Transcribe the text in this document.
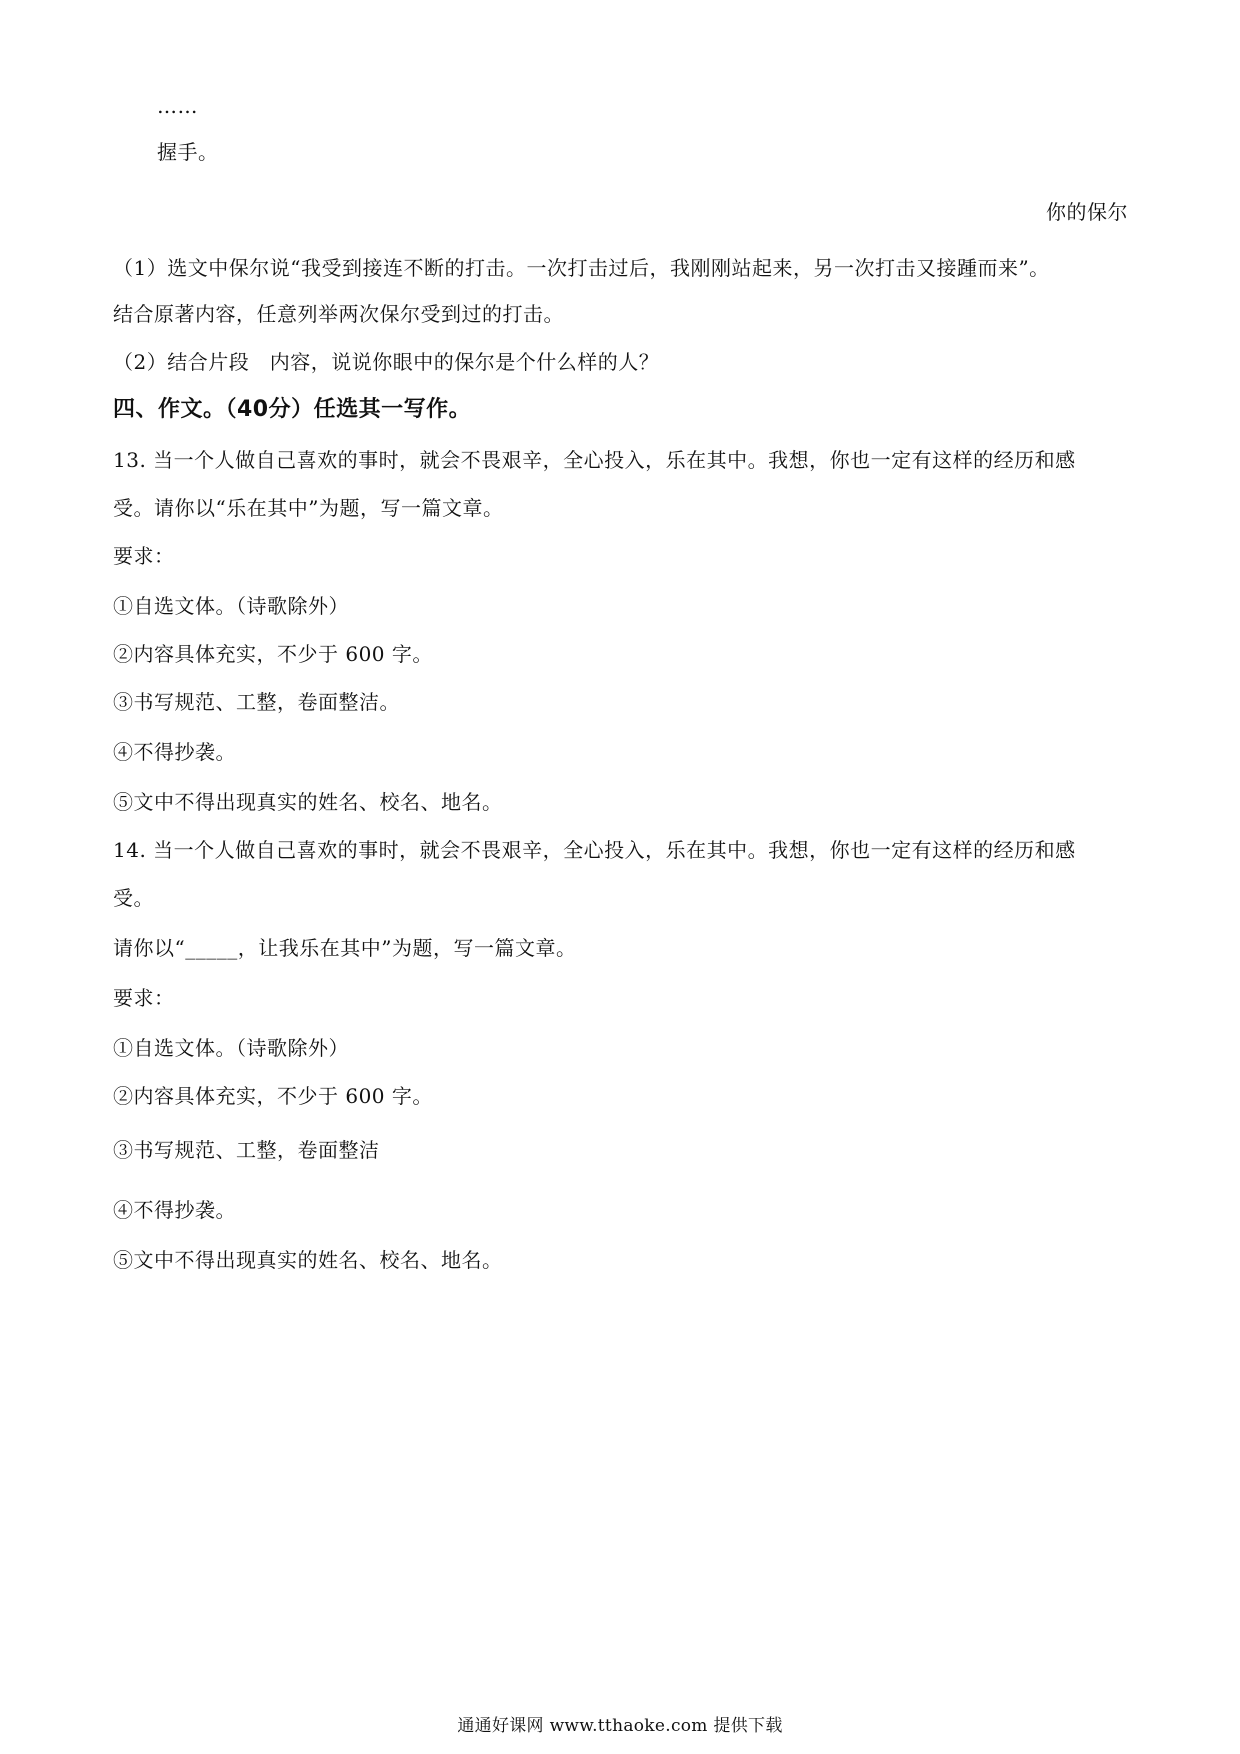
……
握手。
你的保尔
（1）选文中保尔说“我受到接连不断的打击。一次打击过后，我刚刚站起来，另一次打击又接踵而来”。
结合原著内容，任意列举两次保尔受到过的打击。
（2）结合片段　内容，说说你眼中的保尔是个什么样的人？
四、作文。（40分）任选其一写作。
13. 当一个人做自己喜欢的事时，就会不畏艰辛，全心投入，乐在其中。我想，你也一定有这样的经历和感
受。请你以“乐在其中”为题，写一篇文章。
要求：
①自选文体。（诗歌除外）
②内容具体充实，不少于 600 字。
③书写规范、工整，卷面整洁。
④不得抄袭。
⑤文中不得出现真实的姓名、校名、地名。
14. 当一个人做自己喜欢的事时，就会不畏艰辛，全心投入，乐在其中。我想，你也一定有这样的经历和感
受。
请你以“_____，让我乐在其中”为题，写一篇文章。
要求：
①自选文体。（诗歌除外）
②内容具体充实，不少于 600 字。
③书写规范、工整，卷面整洁
④不得抄袭。
⑤文中不得出现真实的姓名、校名、地名。
通通好课网 www.tthaoke.com 提供下载
